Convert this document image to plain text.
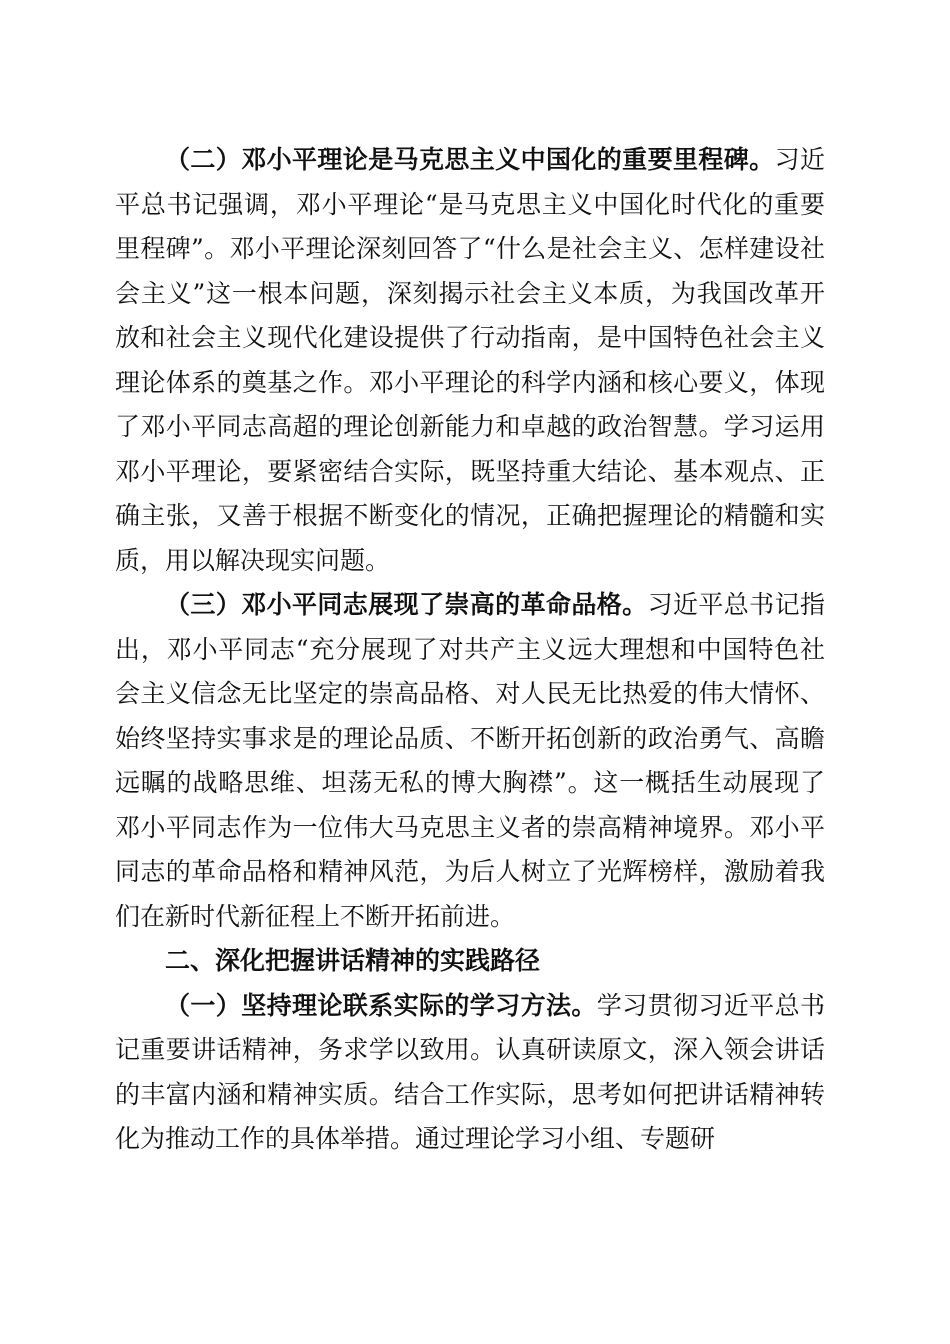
（二）邓小平理论是马克思主义中国化的重要里程碑。习近平总书记强调，邓小平理论“是马克思主义中国化时代化的重要里程碑”。邓小平理论深刻回答了“什么是社会主义、怎样建设社会主义”这一根本问题，深刻揭示社会主义本质，为我国改革开放和社会主义现代化建设提供了行动指南，是中国特色社会主义理论体系的奠基之作。邓小平理论的科学内涵和核心要义，体现了邓小平同志高超的理论创新能力和卓越的政治智慧。学习运用邓小平理论，要紧密结合实际，既坚持重大结论、基本观点、正确主张，又善于根据不断变化的情况，正确把握理论的精髓和实质，用以解决现实问题。

（三）邓小平同志展现了崇高的革命品格。习近平总书记指出，邓小平同志“充分展现了对共产主义远大理想和中国特色社会主义信念无比坚定的崇高品格、对人民无比热爱的伟大情怀、始终坚持实事求是的理论品质、不断开拓创新的政治勇气、高瞻远瞩的战略思维、坦荡无私的博大胸襟”。这一概括生动展现了邓小平同志作为一位伟大马克思主义者的崇高精神境界。邓小平同志的革命品格和精神风范，为后人树立了光辉榜样，激励着我们在新时代新征程上不断开拓前进。

二、深化把握讲话精神的实践路径

（一）坚持理论联系实际的学习方法。学习贯彻习近平总书记重要讲话精神，务求学以致用。认真研读原文，深入领会讲话的丰富内涵和精神实质。结合工作实际，思考如何把讲话精神转化为推动工作的具体举措。通过理论学习小组、专题研
